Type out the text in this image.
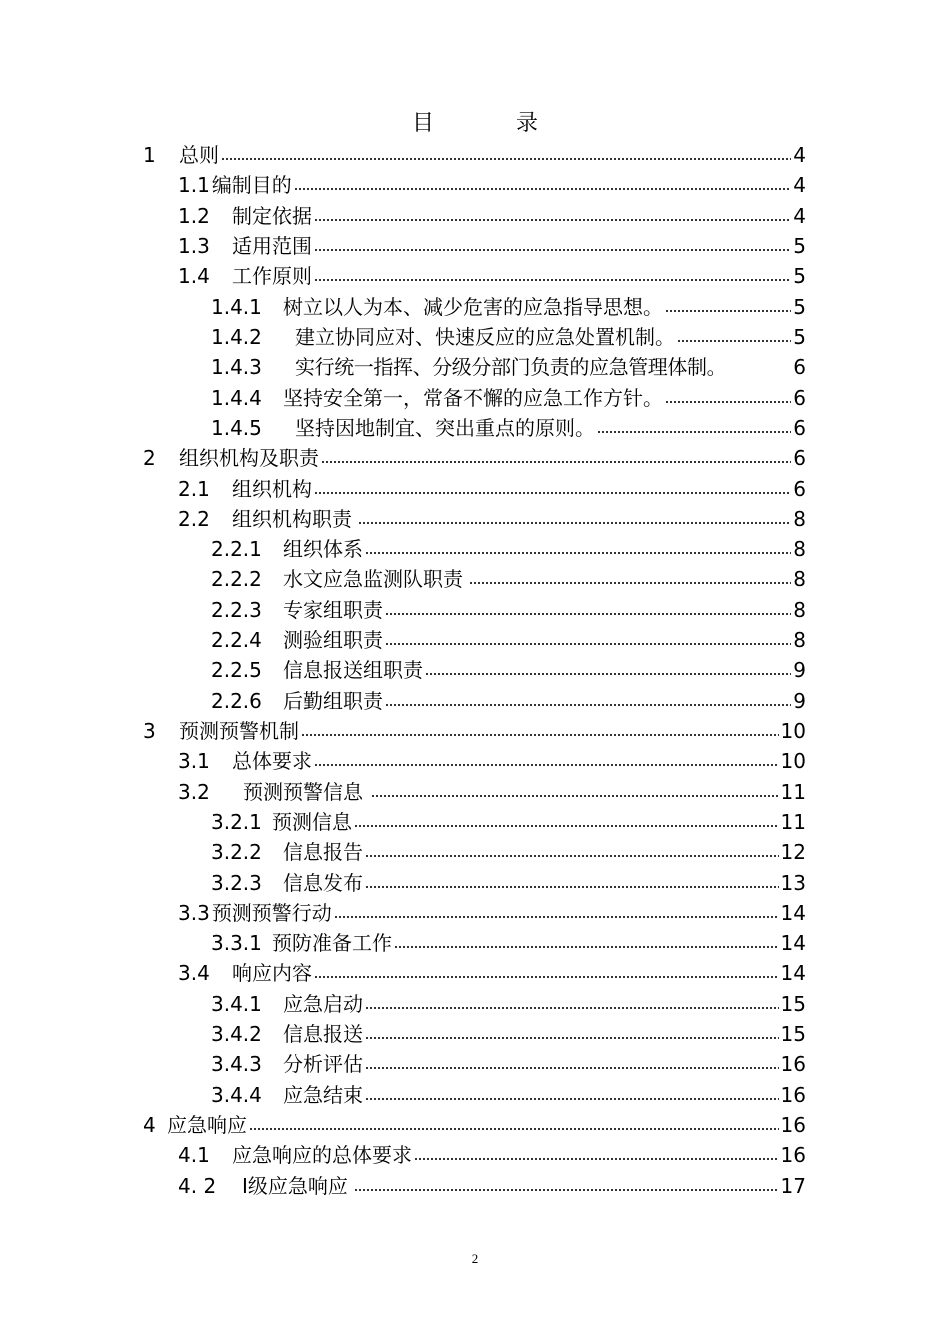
目	录
1	总则	4
1.1 编制目的	4
1.2	制定依据	4
1.3	适用范围	5
1.4	工作原则	5
1.4.1	树立以人为本、减少危害的应急指导思想。	5
1.4.2	建立协同应对、快速反应的应急处置机制。	5
1.4.3	实行统一指挥、分级分部门负责的应急管理体制。	6
1.4.4	坚持安全第一，常备不懈的应急工作方针。	6
1.4.5	坚持因地制宜、突出重点的原则。	6
2	组织机构及职责	6
2.1	组织机构	6
2.2	组织机构职责	8
2.2.1	组织体系	8
2.2.2	水文应急监测队职责	8
2.2.3	专家组职责	8
2.2.4	测验组职责	8
2.2.5	信息报送组职责	9
2.2.6	后勤组职责	9
3	预测预警机制	10
3.1	总体要求	10
3.2	预测预警信息	11
3.2.1 预测信息	11
3.2.2	信息报告	12
3.2.3	信息发布	13
3.3 预测预警行动	14
3.3.1 预防准备工作	14
3.4	响应内容	14
3.4.1	应急启动	15
3.4.2	信息报送	15
3.4.3	分析评估	16
3.4.4	应急结束	16
4 应急响应	16
4.1	应急响应的总体要求	16
4. 2	Ⅰ级应急响应	17
2
